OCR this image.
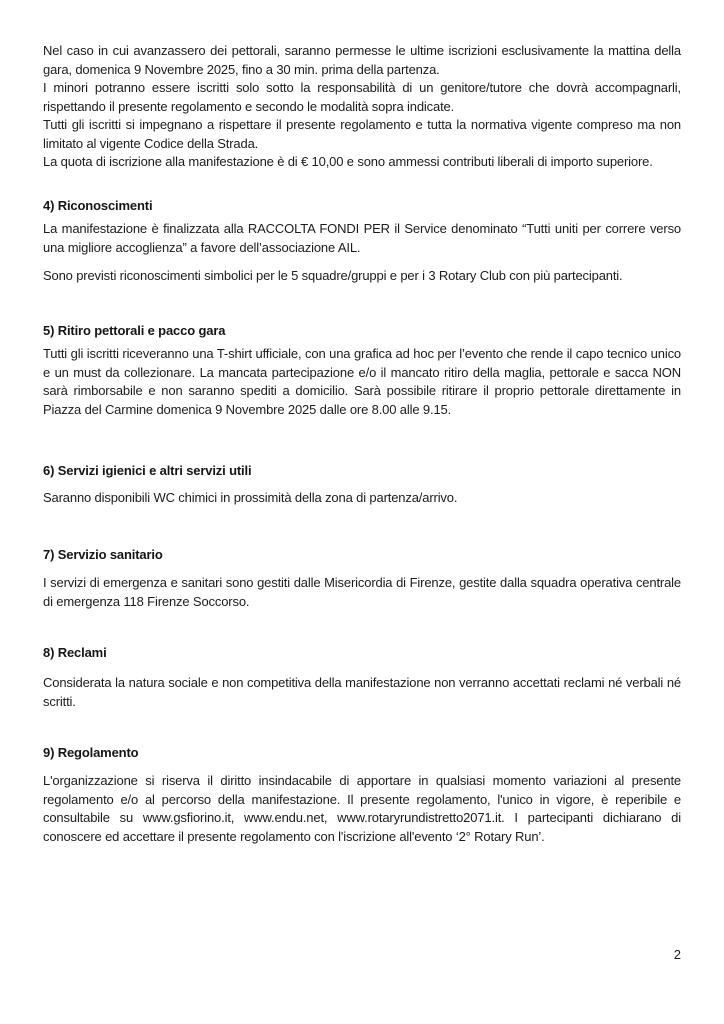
Nel caso in cui avanzassero dei pettorali, saranno permesse le ultime iscrizioni esclusivamente la mattina della gara, domenica 9 Novembre 2025, fino a 30 min. prima della partenza.

I minori potranno essere iscritti solo sotto la responsabilità di un genitore/tutore che dovrà accompagnarli, rispettando il presente regolamento e secondo le modalità sopra indicate.

Tutti gli iscritti si impegnano a rispettare il presente regolamento e tutta la normativa vigente compreso ma non limitato al vigente Codice della Strada.

La quota di iscrizione alla manifestazione è di € 10,00 e sono ammessi contributi liberali di importo superiore.

4) Riconoscimenti

La manifestazione è finalizzata alla RACCOLTA FONDI PER il Service denominato “Tutti uniti per correre verso una migliore accoglienza” a favore dell’associazione AIL.

Sono previsti riconoscimenti simbolici per le 5 squadre/gruppi e per i 3 Rotary Club con più partecipanti.

5) Ritiro pettorali e pacco gara

Tutti gli iscritti riceveranno una T-shirt ufficiale, con una grafica ad hoc per l’evento che rende il capo tecnico unico e un must da collezionare. La mancata partecipazione e/o il mancato ritiro della maglia, pettorale e sacca NON sarà rimborsabile e non saranno spediti a domicilio. Sarà possibile ritirare il proprio pettorale direttamente in Piazza del Carmine domenica 9 Novembre 2025 dalle ore 8.00 alle 9.15.

6) Servizi igienici e altri servizi utili

Saranno disponibili WC chimici in prossimità della zona di partenza/arrivo.

7) Servizio sanitario

I servizi di emergenza e sanitari sono gestiti dalle Misericordia di Firenze, gestite dalla squadra operativa centrale di emergenza 118 Firenze Soccorso.

8) Reclami

Considerata la natura sociale e non competitiva della manifestazione non verranno accettati reclami né verbali né scritti.

9) Regolamento

L'organizzazione si riserva il diritto insindacabile di apportare in qualsiasi momento variazioni al presente regolamento e/o al percorso della manifestazione. Il presente regolamento, l'unico in vigore, è reperibile e consultabile su www.gsfiorino.it, www.endu.net, www.rotaryrundistretto2071.it. I partecipanti dichiarano di conoscere ed accettare il presente regolamento con l'iscrizione all'evento ‘2° Rotary Run’.

2
